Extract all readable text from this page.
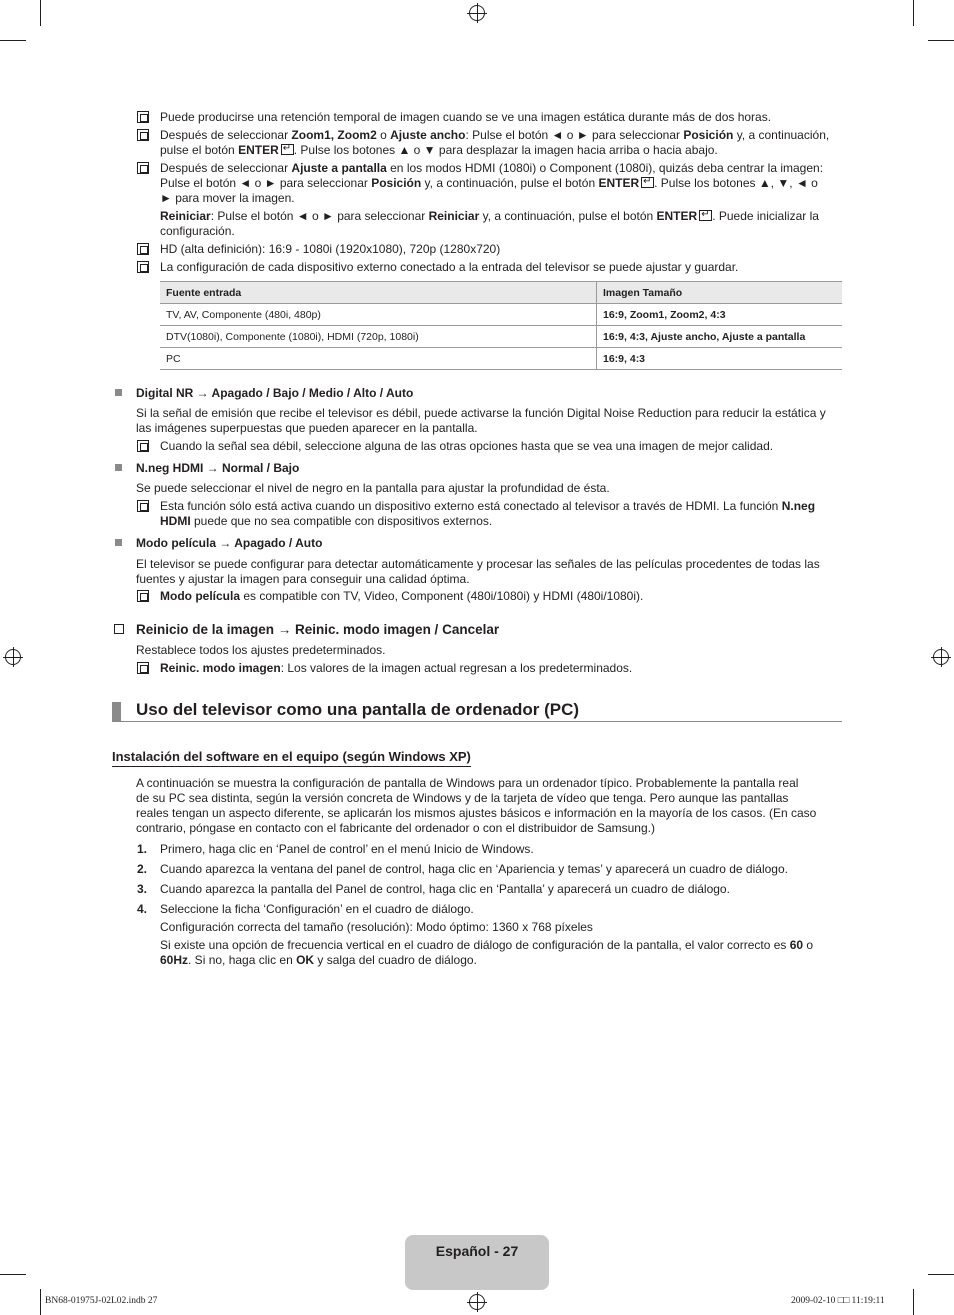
Puede producirse una retención temporal de imagen cuando se ve una imagen estática durante más de dos horas.
Después de seleccionar Zoom1, Zoom2 o Ajuste ancho: Pulse el botón ◄ o ► para seleccionar Posición y, a continuación,
pulse el botón ENTER ↵ . Pulse los botones ▲ o ▼ para desplazar la imagen hacia arriba o hacia abajo.
Después de seleccionar Ajuste a pantalla en los modos HDMI (1080i) o Component (1080i), quizás deba centrar la imagen:
Pulse el botón ◄ o ► para seleccionar Posición y, a continuación, pulse el botón ENTER ↵ . Pulse los botones ▲, ▼, ◄ o
► para mover la imagen.
Reiniciar: Pulse el botón ◄ o ► para seleccionar Reiniciar y, a continuación, pulse el botón ENTER ↵ . Puede inicializar la
configuración.
HD (alta definición): 16:9 - 1080i (1920x1080), 720p (1280x720)
La configuración de cada dispositivo externo conectado a la entrada del televisor se puede ajustar y guardar.
Fuente entrada	Imagen Tamaño
TV, AV, Componente (480i, 480p)	16:9, Zoom1, Zoom2, 4:3
DTV(1080i), Componente (1080i), HDMI (720p, 1080i)	16:9, 4:3, Ajuste ancho, Ajuste a pantalla
PC	16:9, 4:3
Digital NR → Apagado / Bajo / Medio / Alto / Auto
Si la señal de emisión que recibe el televisor es débil, puede activarse la función Digital Noise Reduction para reducir la estática y
las imágenes superpuestas que pueden aparecer en la pantalla.
Cuando la señal sea débil, seleccione alguna de las otras opciones hasta que se vea una imagen de mejor calidad.
N.neg HDMI → Normal / Bajo
Se puede seleccionar el nivel de negro en la pantalla para ajustar la profundidad de ésta.
Esta función sólo está activa cuando un dispositivo externo está conectado al televisor a través de HDMI. La función N.neg
HDMI puede que no sea compatible con dispositivos externos.
Modo película → Apagado / Auto
El televisor se puede configurar para detectar automáticamente y procesar las señales de las películas procedentes de todas las
fuentes y ajustar la imagen para conseguir una calidad óptima.
Modo película es compatible con TV, Video, Component (480i/1080i) y HDMI (480i/1080i).
Reinicio de la imagen → Reinic. modo imagen / Cancelar
Restablece todos los ajustes predeterminados.
Reinic. modo imagen: Los valores de la imagen actual regresan a los predeterminados.
Uso del televisor como una pantalla de ordenador (PC)
Instalación del software en el equipo (según Windows XP)
A continuación se muestra la configuración de pantalla de Windows para un ordenador típico. Probablemente la pantalla real
de su PC sea distinta, según la versión concreta de Windows y de la tarjeta de vídeo que tenga. Pero aunque las pantallas
reales tengan un aspecto diferente, se aplicarán los mismos ajustes básicos e información en la mayoría de los casos. (En caso
contrario, póngase en contacto con el fabricante del ordenador o con el distribuidor de Samsung.)
1. Primero, haga clic en ‘Panel de control’ en el menú Inicio de Windows.
2. Cuando aparezca la ventana del panel de control, haga clic en ‘Apariencia y temas’ y aparecerá un cuadro de diálogo.
3. Cuando aparezca la pantalla del Panel de control, haga clic en ‘Pantalla’ y aparecerá un cuadro de diálogo.
4. Seleccione la ficha ‘Configuración’ en el cuadro de diálogo.
Configuración correcta del tamaño (resolución): Modo óptimo: 1360 x 768 píxeles
Si existe una opción de frecuencia vertical en el cuadro de diálogo de configuración de la pantalla, el valor correcto es 60 o
60Hz. Si no, haga clic en OK y salga del cuadro de diálogo.
Español - 27
BN68-01975J-02L02.indb 27	2009-02-10 □□ 11:19:11
